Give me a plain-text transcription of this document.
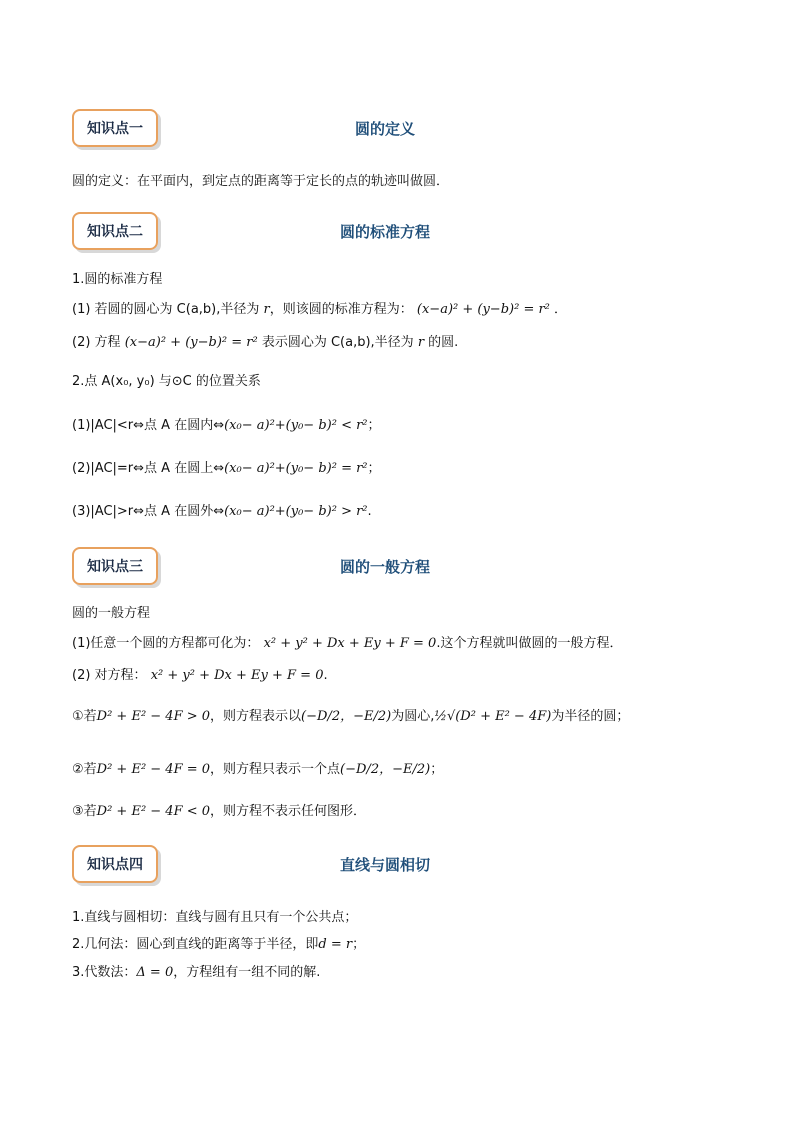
知识点一	圆的定义
圆的定义：在平面内，到定点的距离等于定长的点的轨迹叫做圆．
知识点二	圆的标准方程
1.圆的标准方程
(1) 若圆的圆心为 C(a,b),半径为 r，则该圆的标准方程为： (x−a)² + (y−b)² = r² ．
(2) 方程 (x−a)² + (y−b)² = r² 表示圆心为 C(a,b),半径为 r 的圆.
2.点 A(x₀, y₀) 与⊙C 的位置关系
(1)|AC|<r⇔点 A 在圆内⇔(x₀− a)²+(y₀− b)² < r²；
(2)|AC|=r⇔点 A 在圆上⇔(x₀− a)²+(y₀− b)² = r²；
(3)|AC|>r⇔点 A 在圆外⇔(x₀− a)²+(y₀− b)² > r².
知识点三	圆的一般方程
圆的一般方程
(1)任意一个圆的方程都可化为： x² + y² + Dx + Ey + F = 0.这个方程就叫做圆的一般方程．
(2) 对方程： x² + y² + Dx + Ey + F = 0.
①若D² + E² − 4F > 0，则方程表示以(−D/2，−E/2)为圆心,½√(D² + E² − 4F)为半径的圆；
②若D² + E² − 4F = 0，则方程只表示一个点(−D/2，−E/2)；
③若D² + E² − 4F < 0，则方程不表示任何图形．
知识点四	直线与圆相切
1.直线与圆相切：直线与圆有且只有一个公共点；
2.几何法：圆心到直线的距离等于半径，即d = r；
3.代数法：Δ = 0，方程组有一组不同的解.
